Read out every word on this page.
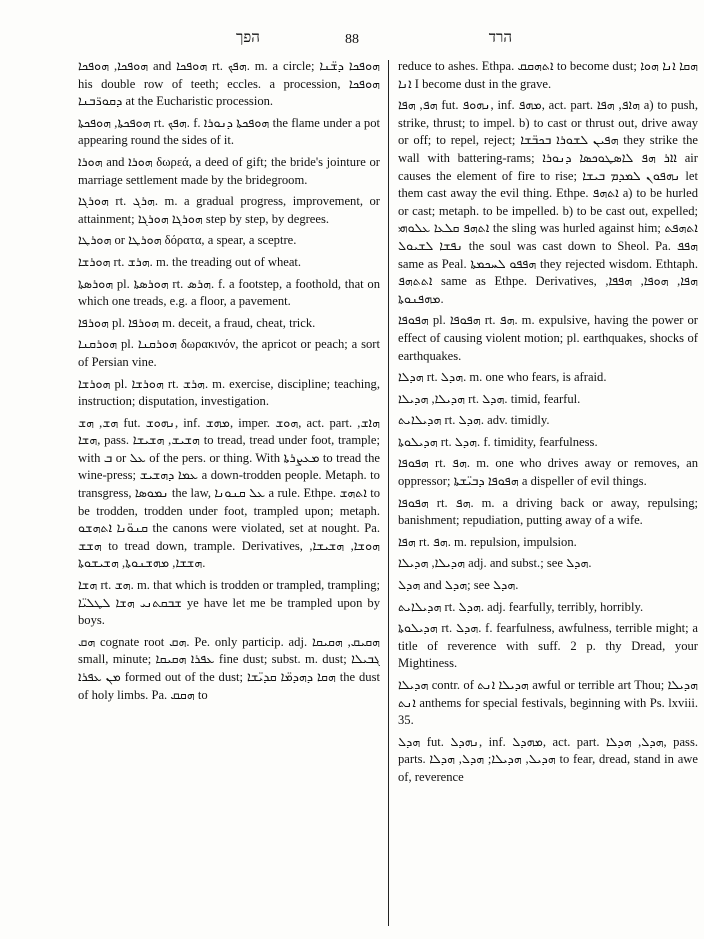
הפך	88	הרד

ܗܘܦܟܐ, ܗܘܦܟܐ and ܗܘܦܟܐ rt. ܗܦܟ. m. a circle; ܗܘܦܟܐ ܕܫ̈ܢܐ his double row of teeth; eccles. a procession, ܗܘܦܟܐ ܕܩܘܪ̈ܒܢܐ at the Eucharistic procession.

ܗܘܦܟܬܐ, ܗܘܦܟܬܐ rt. ܗܦܟ. f. ܗܘܦܟܬܐ ܕܢܘܪܐ the flame under a pot appearing round the sides of it.

ܗܘܪܐ and ܗܘܪܐ δωρεά, a deed of gift; the bride's jointure or marriage settlement made by the bridegroom.

ܗܘܪܓܐ rt. ܗܪܓ. m. a gradual progress, improvement, or attainment; ܗܘܪܓܐ ܗܘܪܓܐ step by step, by degrees.

ܗܘܪܛܐ or ܗܘܪܛܐ δόρατα, a spear, a sceptre.

ܗܘܪܫܐ rt. ܗܪܫ. m. the treading out of wheat.

ܗܘܪܣܬܐ pl. ܗܘܪܣܬܐ rt. ܗܪܣ. f. a footstep, a foothold, that on which one treads, e.g. a floor, a pavement.

ܗܘܪܦܐ pl. ܗܘܪܦܐ m. deceit, a fraud, cheat, trick.

ܗܘܪܩܢܐ pl. ܗܘܪܩܢܐ δωρακινόν, the apricot or peach; a sort of Persian vine.

ܗܘܪܫܐ pl. ܗܘܪܫܐ rt. ܗܪܫ. m. exercise, discipline; teaching, instruction; disputation, investigation.

ܗܫ, ܗܫ fut. ܢܗܘܫ, inf. ܡܗܫ, imper. ܗܘܫ, act. part. ܗܐܫ, ܗܫܐ, pass. ܗܫܝܫ, ܗܫܝܫܐ to tread, tread under foot, trample; with ܒ or ܥܠ of the pers. or thing. With ܡܥܨܪܬܐ to tread the wine-press; ܥܡܐ ܕܗܫܝܫ a down-trodden people. Metaph. to transgress, ܢܡܘܣܐ the law, ܥܠ ܩܢܘܢܐ a rule. Ethpe. ܐܬܗܫ to be trodden, trodden under foot, trampled upon; metaph. ܩܢܘ̈ܢܐ ܐܬܗܫܘ the canons were violated, set at nought. Pa. ܗܫܫ to tread down, trample. Derivatives, ܗܘܫܐ, ܗܫܝܫܐ, ܗܫܫܐ, ܡܗܫܢܘܬܐ, ܗܫܝܫܘܬܐ.

ܗܫܐ rt. ܗܫ. m. that which is trodden or trampled, trampling; ܫܒܩܬܢܝ ܗܫܐ ܠܛܠܝ̈ܐ ye have let me be trampled upon by boys.

ܗܩ cognate root ܗܩ. Pe. only particip. adj. ܗܩܝܩ, ܗܩܝܩܐ small, minute; ܥܦܪܐ ܗܩܝܩܐ fine dust; subst. m. dust; ܓܒܝܠܐ ܡܢ ܥܦܪܐ formed out of the dust; ܗܩܐ ܕܗܕܡ̈ܐ ܩܕܝ̈ܫܐ the dust of holy limbs. Pa. ܗܩܩ to

reduce to ashes. Ethpa. ܐܬܗܩܩ to become dust; ܗܩܐ ܐܢܐ ܗܘܐ ܐܢܐ I become dust in the grave.

ܗܦ, ܗܦܐ fut. ܢܗܘܦ, inf. ܡܗܦ, act. part. ܗܐܦ, ܗܦܐ a) to push, strike, thrust; to impel. b) to cast or thrust out, drive away or off; to repel, reject; ܗܦܝܢ ܠܫܘܪܐ ܒܟܒ̈ܫܐ they strike the wall with battering-rams; ܐܐܪ ܗܦ ܠܐܣܛܘܟܣܐ ܕܢܘܪܐ air causes the element of fire to rise; ܢܗܦܘܢ ܠܡܕܡ ܒܝܫܐ let them cast away the evil thing. Ethpe. ܐܬܗܦ a) to be hurled or cast; metaph. to be impelled. b) to be cast out, expelled; ܐܬܗܦ ܩܠܥܐ ܥܠܘܗܝ the sling was hurled against him; ܐܬܗܦܬ ܢܦܫܐ ܠܫܝܘܠ the soul was cast down to Sheol. Pa. ܗܦܦ same as Peal. ܗܦܦܘ ܠܚܟܡܬܐ they rejected wisdom. Ethtaph. ܐܬܬܗܦ same as Ethpe. Derivatives, ܗܦܐ, ܗܘܦܐ, ܗܦܦܐ, ܡܗܦܢܘܬܐ.

ܗܦܘܦܐ pl. ܗܦܘܦܐ rt. ܗܦ. m. expulsive, having the power or effect of causing violent motion; pl. earthquakes, shocks of earthquakes.

ܗܕܠܐ rt. ܗܕܠ. m. one who fears, is afraid.

ܗܕܝܠܐ, ܗܕܝܠܐ rt. ܗܕܠ. timid, fearful.

ܗܕܝܠܐܝܬ rt. ܗܕܠ. adv. timidly.

ܗܕܝܠܘܬܐ rt. ܗܕܠ. f. timidity, fearfulness.

ܗܦܘܦܐ rt. ܗܦ. m. one who drives away or removes, an oppressor; ܗܦܘܦܐ ܕܒܝ̈ܫܬܐ a dispeller of evil things.

ܗܦܘܦܐ rt. ܗܦ. m. a driving back or away, repulsing; banishment; repudiation, putting away of a wife.

ܗܦܐ rt. ܗܦ. m. repulsion, impulsion.

ܗܕܝܠܐ, ܗܕܝܠܐ adj. and subst.; see ܗܕܠ.

ܗܕܠ and ܗܕܠ; see ܗܕܠ.

ܗܕܝܠܐܝܬ rt. ܗܕܠ. adj. fearfully, terribly, horribly.

ܗܕܝܠܘܬܐ rt. ܗܕܠ. f. fearfulness, awfulness, terrible might; a title of reverence with suff. 2 p. thy Dread, your Mightiness.

ܗܕܝܠܐ contr. of ܗܕܝܠܐ ܐܢܬ awful or terrible art Thou; ܗܕܝܠܐ ܐܢܬ anthems for special festivals, beginning with Ps. lxviii. 35.

ܗܕܠ fut. ܢܗܕܠ, inf. ܡܗܕܠ, act. part. ܗܕܠ, ܗܕܠܐ, pass. parts. ܗܕܝܠ, ܗܕܝܠܐ; ܗܕܠ, ܗܕܠܐ to fear, dread, stand in awe of, reverence
